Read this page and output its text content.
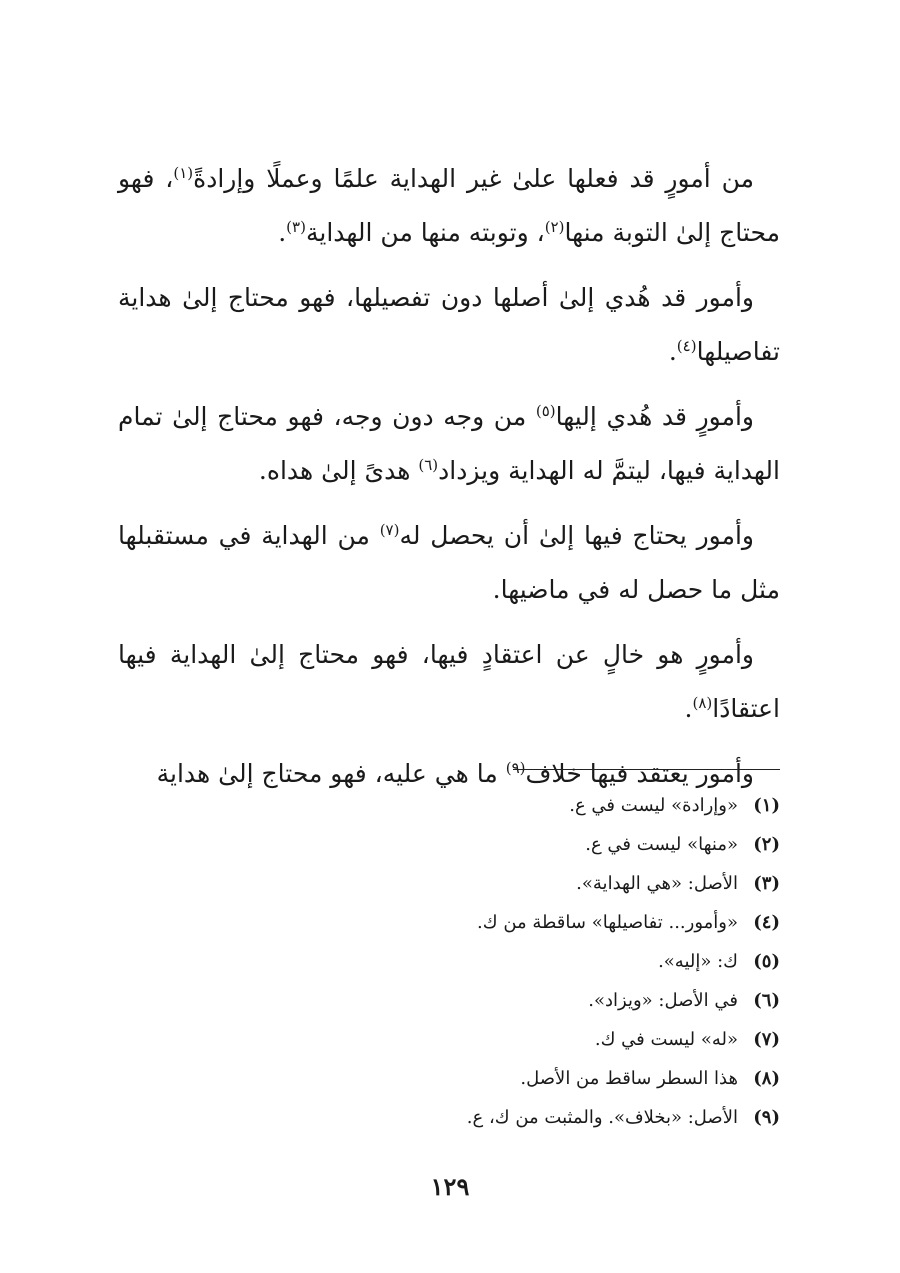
من أمورٍ قد فعلها علىٰ غير الهداية علمًا وعملًا وإرادةً$^{(١)}$، فهو محتاج إلىٰ التوبة منها$^{(٢)}$، وتوبته منها من الهداية$^{(٣)}$.

وأمور قد هُدي إلىٰ أصلها دون تفصيلها، فهو محتاج إلىٰ هداية تفاصيلها$^{(٤)}$.

وأمورٍ قد هُدي إليها$^{(٥)}$ من وجه دون وجه، فهو محتاج إلىٰ تمام الهداية فيها، ليتمَّ له الهداية ويزداد$^{(٦)}$ هدىً إلىٰ هداه.

وأمور يحتاج فيها إلىٰ أن يحصل له$^{(٧)}$ من الهداية في مستقبلها مثل ما حصل له في ماضيها.

وأمورٍ هو خالٍ عن اعتقادٍ فيها، فهو محتاج إلىٰ الهداية فيها اعتقادًا$^{(٨)}$.

وأمور يعتقد فيها خلاف$^{(٩)}$ ما هي عليه، فهو محتاج إلىٰ هداية

(١)«وإرادة» ليست في ع.
(٢)«منها» ليست في ع.
(٣)الأصل: «هي الهداية».
(٤)«وأمور... تفاصيلها» ساقطة من ك.
(٥)ك: «إليه».
(٦)في الأصل: «ويزاد».
(٧)«له» ليست في ك.
(٨)هذا السطر ساقط من الأصل.
(٩)الأصل: «بخلاف». والمثبت من ك، ع.
١٢٩
